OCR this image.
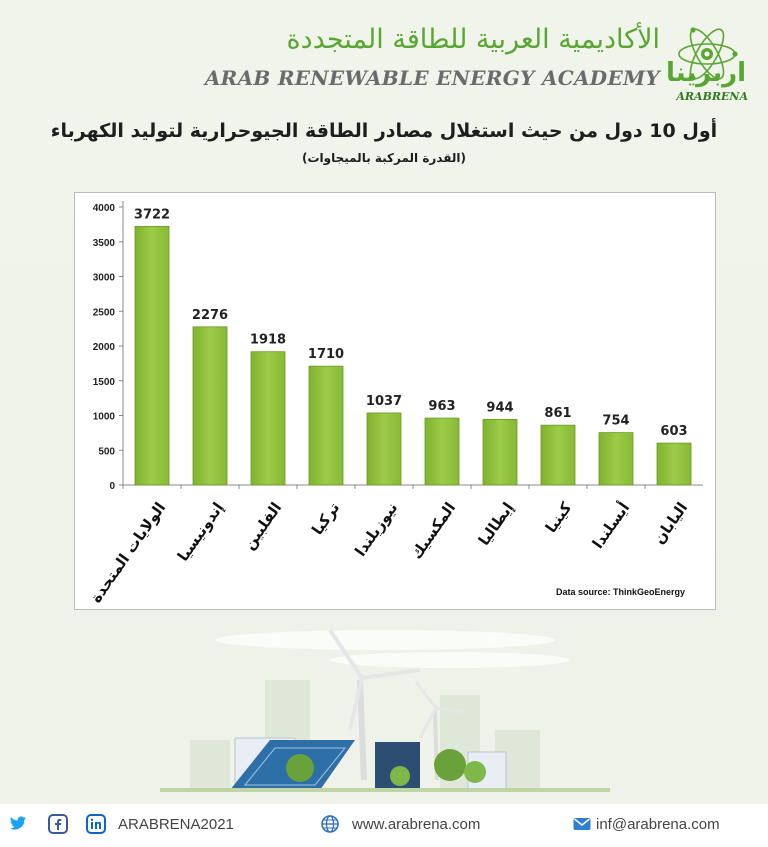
اربرينا
ARABRENA
الأكاديمية العربية للطاقة المتجددة
ARAB RENEWABLE ENERGY ACADEMY
أول 10 دول من حيث استغلال مصادر الطاقة الجيوحرارية لتوليد الكهرباء
(القدرة المركبة بالميجاوات)
0
500
1000
1500
2000
2500
3000
3500
4000 3722
الولايات المتحدة
2276
إندونيسيا
1918
الفلبين
1710
تركيا
1037
نيوزيلندا
963
المكسيك
944
إيطاليا
861
كينيا
754
أيسلندا
603
اليابان
Data source: ThinkGeoEnergy
ARABRENA2021	www.arabrena.com	inf@arabrena.com
